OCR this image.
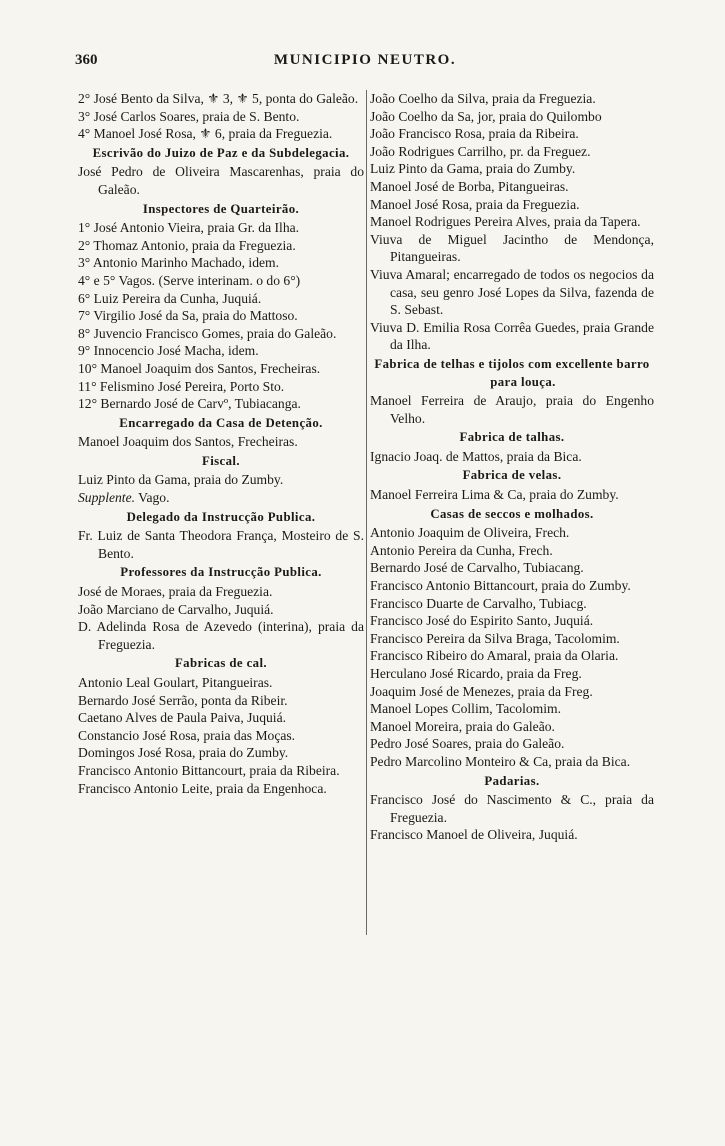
360	MUNICIPIO NEUTRO.
2° José Bento da Silva, ⚜ 3, ⚜ 5, ponta do Galeão.
3° José Carlos Soares, praia de S. Bento.
4° Manoel José Rosa, ⚜ 6, praia da Freguezia.
Escrivão do Juizo de Paz e da Subdelegacia.
José Pedro de Oliveira Mascarenhas, praia do Galeão.
Inspectores de Quarteirão.
1° José Antonio Vieira, praia Gr. da Ilha.
2° Thomaz Antonio, praia da Freguezia.
3° Antonio Marinho Machado, idem.
4° e 5° Vagos. (Serve interinam. o do 6°)
6° Luiz Pereira da Cunha, Juquiá.
7° Virgilio José da Sa, praia do Mattoso.
8° Juvencio Francisco Gomes, praia do Galeão.
9° Innocencio José Macha, idem.
10° Manoel Joaquim dos Santos, Frecheiras.
11° Felismino José Pereira, Porto Sto.
12° Bernardo José de Carvº, Tubiacanga.
Encarregado da Casa de Detenção.
Manoel Joaquim dos Santos, Frecheiras.
Fiscal.
Luiz Pinto da Gama, praia do Zumby.
Supplente. Vago.
Delegado da Instrucção Publica.
Fr. Luiz de Santa Theodora França, Mosteiro de S. Bento.
Professores da Instrucção Publica.
José de Moraes, praia da Freguezia.
João Marciano de Carvalho, Juquiá.
D. Adelinda Rosa de Azevedo (interina), praia da Freguezia.
Fabricas de cal.
Antonio Leal Goulart, Pitangueiras.
Bernardo José Serrão, ponta da Ribeir.
Caetano Alves de Paula Paiva, Juquiá.
Constancio José Rosa, praia das Moças.
Domingos José Rosa, praia do Zumby.
Francisco Antonio Bittancourt, praia da Ribeira.
Francisco Antonio Leite, praia da Engenhoca.
João Coelho da Silva, praia da Freguezia.
João Coelho da Sa, jor, praia do Quilombo
João Francisco Rosa, praia da Ribeira.
João Rodrigues Carrilho, pr. da Freguez.
Luiz Pinto da Gama, praia do Zumby.
Manoel José de Borba, Pitangueiras.
Manoel José Rosa, praia da Freguezia.
Manoel Rodrigues Pereira Alves, praia da Tapera.
Viuva de Miguel Jacintho de Mendonça, Pitangueiras.
Viuva Amaral; encarregado de todos os negocios da casa, seu genro José Lopes da Silva, fazenda de S. Sebast.
Viuva D. Emilia Rosa Corrêa Guedes, praia Grande da Ilha.
Fabrica de telhas e tijolos com excellente barro para louça.
Manoel Ferreira de Araujo, praia do Engenho Velho.
Fabrica de talhas.
Ignacio Joaq. de Mattos, praia da Bica.
Fabrica de velas.
Manoel Ferreira Lima & Ca, praia do Zumby.
Casas de seccos e molhados.
Antonio Joaquim de Oliveira, Frech.
Antonio Pereira da Cunha, Frech.
Bernardo José de Carvalho, Tubiacang.
Francisco Antonio Bittancourt, praia do Zumby.
Francisco Duarte de Carvalho, Tubiacg.
Francisco José do Espirito Santo, Juquiá.
Francisco Pereira da Silva Braga, Tacolomim.
Francisco Ribeiro do Amaral, praia da Olaria.
Herculano José Ricardo, praia da Freg.
Joaquim José de Menezes, praia da Freg.
Manoel Lopes Collim, Tacolomim.
Manoel Moreira, praia do Galeão.
Pedro José Soares, praia do Galeão.
Pedro Marcolino Monteiro & Ca, praia da Bica.
Padarias.
Francisco José do Nascimento & C., praia da Freguezia.
Francisco Manoel de Oliveira, Juquiá.
